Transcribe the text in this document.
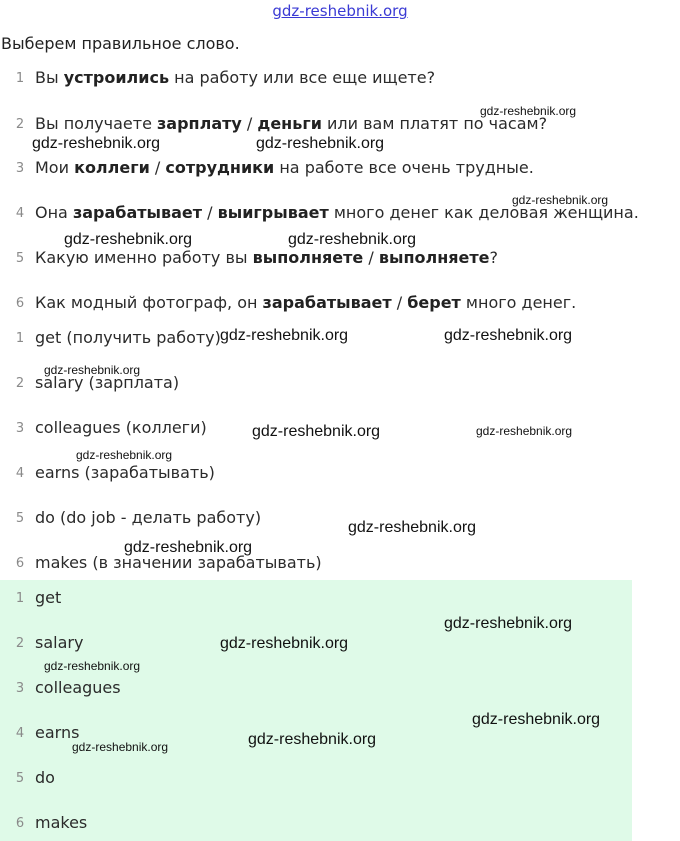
gdz-reshebnik.org
Выберем правильное слово.
1 Вы устроились на работу или все еще ищете?
2 Вы получаете зарплату / деньги или вам платят по часам?
3 Мои коллеги / сотрудники на работе все очень трудные.
4 Она зарабатывает / выигрывает много денег как деловая женщина.
5 Какую именно работу вы выполняете / выполняете?
6 Как модный фотограф, он зарабатывает / берет много денег.
1 get (получить работу)
2 salary (зарплата)
3 colleagues (коллеги)
4 earns (зарабатывать)
5 do (do job - делать работу)
6 makes (в значении зарабатывать)
1 get
2 salary
3 colleagues
4 earns
5 do
6 makes
gdz-reshebnik.org
gdz-reshebnik.org	gdz-reshebnik.org
gdz-reshebnik.org
gdz-reshebnik.org	gdz-reshebnik.org
gdz-reshebnik.org	gdz-reshebnik.org
gdz-reshebnik.org
gdz-reshebnik.org	gdz-reshebnik.org
gdz-reshebnik.org
gdz-reshebnik.org
gdz-reshebnik.org
gdz-reshebnik.org
gdz-reshebnik.org
gdz-reshebnik.org
gdz-reshebnik.org
gdz-reshebnik.org
gdz-reshebnik.org
